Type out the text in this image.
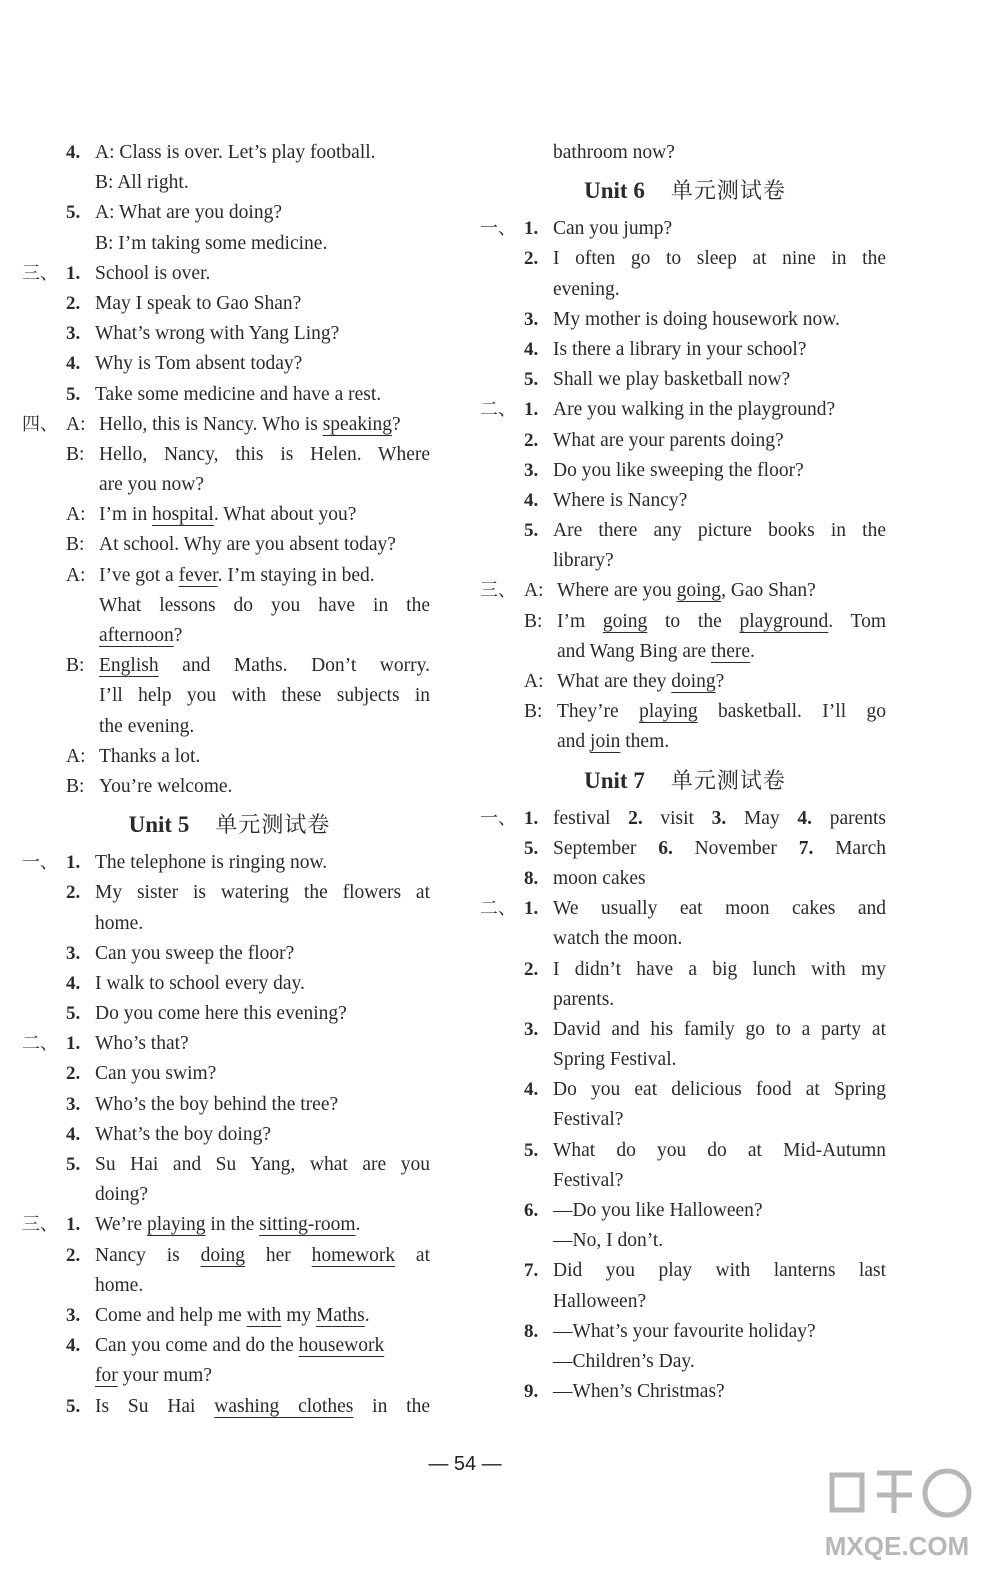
4. A: Class is over. Let’s play football.
B: All right.
5. A: What are you doing?
B: I’m taking some medicine.
三、 1. School is over.
2. May I speak to Gao Shan?
3. What’s wrong with Yang Ling?
4. Why is Tom absent today?
5. Take some medicine and have a rest.
四、 A: Hello, this is Nancy. Who is speaking?
B: Hello, Nancy, this is Helen. Where
are you now?
A: I’m in hospital. What about you?
B: At school. Why are you absent today?
A: I’ve got a fever. I’m staying in bed.
What lessons do you have in the
afternoon?
B: English and Maths. Don’t worry.
I’ll help you with these subjects in
the evening.
A: Thanks a lot.
B: You’re welcome.
Unit 5 单元测试卷
一、 1. The telephone is ringing now.
2. My sister is watering the flowers at
home.
3. Can you sweep the floor?
4. I walk to school every day.
5. Do you come here this evening?
二、 1. Who’s that?
2. Can you swim?
3. Who’s the boy behind the tree?
4. What’s the boy doing?
5. Su Hai and Su Yang, what are you
doing?
三、 1. We’re playing in the sitting-room.
2. Nancy is doing her homework at
home.
3. Come and help me with my Maths.
4. Can you come and do the housework
for your mum?
5. Is Su Hai washing clothes in the
bathroom now?
Unit 6 单元测试卷
一、 1. Can you jump?
2. I often go to sleep at nine in the
evening.
3. My mother is doing housework now.
4. Is there a library in your school?
5. Shall we play basketball now?
二、 1. Are you walking in the playground?
2. What are your parents doing?
3. Do you like sweeping the floor?
4. Where is Nancy?
5. Are there any picture books in the
library?
三、 A: Where are you going, Gao Shan?
B: I’m going to the playground. Tom
and Wang Bing are there.
A: What are they doing?
B: They’re playing basketball. I’ll go
and join them.
Unit 7 单元测试卷
一、 1. festival 2. visit 3. May 4. parents
5. September 6. November 7. March
8. moon cakes
二、 1. We usually eat moon cakes and
watch the moon.
2. I didn’t have a big lunch with my
parents.
3. David and his family go to a party at
Spring Festival.
4. Do you eat delicious food at Spring
Festival?
5. What do you do at Mid-Autumn
Festival?
6. —Do you like Halloween?
—No, I don’t.
7. Did you play with lanterns last
Halloween?
8. —What’s your favourite holiday?
—Children’s Day.
9. —When’s Christmas?
— 54 —
MXQE.COM
